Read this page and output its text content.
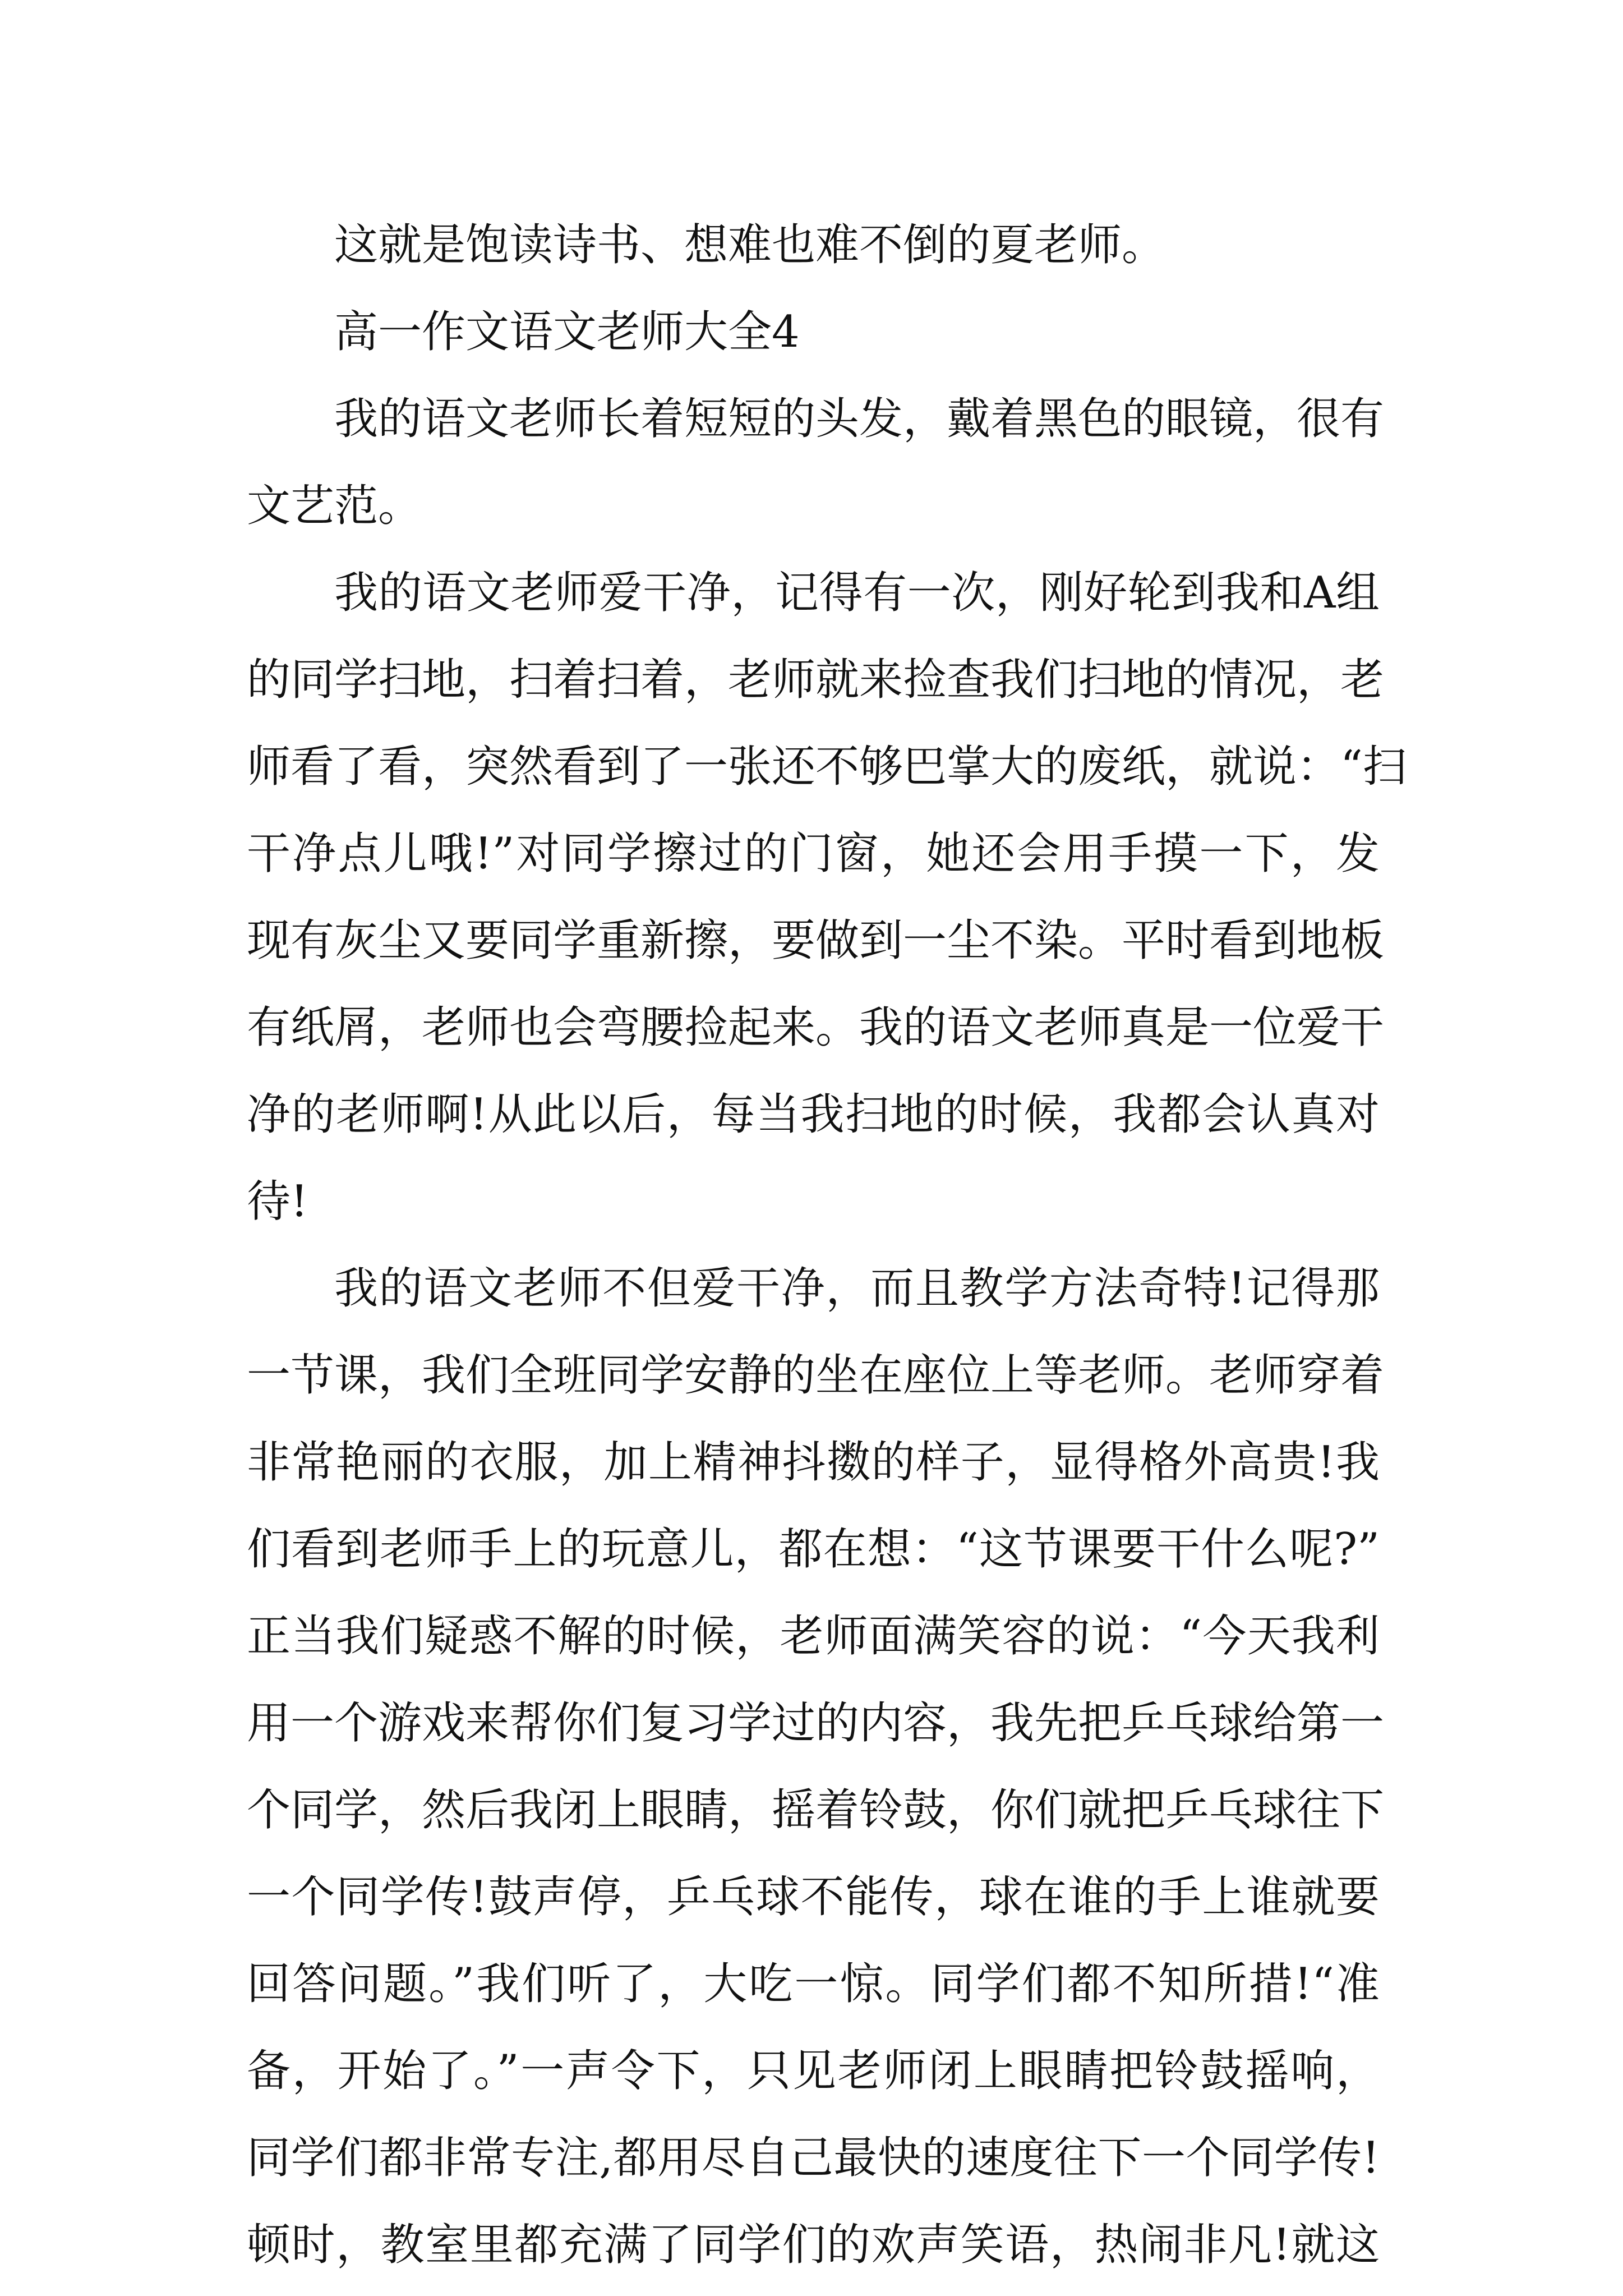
这就是饱读诗书、想难也难不倒的夏老师。
高一作文语文老师大全4
我的语文老师长着短短的头发，戴着黑色的眼镜，很有
文艺范。
我的语文老师爱干净，记得有一次，刚好轮到我和A组
的同学扫地，扫着扫着，老师就来捡查我们扫地的情况，老
师看了看，突然看到了一张还不够巴掌大的废纸，就说：“扫
干净点儿哦!”对同学擦过的门窗，她还会用手摸一下，发
现有灰尘又要同学重新擦，要做到一尘不染。平时看到地板
有纸屑，老师也会弯腰捡起来。我的语文老师真是一位爱干
净的老师啊!从此以后，每当我扫地的时候，我都会认真对
待!
我的语文老师不但爱干净，而且教学方法奇特!记得那
一节课，我们全班同学安静的坐在座位上等老师。老师穿着
非常艳丽的衣服，加上精神抖擞的样子，显得格外高贵!我
们看到老师手上的玩意儿，都在想：“这节课要干什么呢?”
正当我们疑惑不解的时候，老师面满笑容的说：“今天我利
用一个游戏来帮你们复习学过的内容，我先把乒乓球给第一
个同学，然后我闭上眼睛，摇着铃鼓，你们就把乒乓球往下
一个同学传!鼓声停，乒乓球不能传，球在谁的手上谁就要
回答问题。”我们听了，大吃一惊。同学们都不知所措!“准
备，开始了。”一声令下，只见老师闭上眼睛把铃鼓摇响，
同学们都非常专注,都用尽自己最快的速度往下一个同学传!
顿时，教室里都充满了同学们的欢声笑语，热闹非凡!就这
